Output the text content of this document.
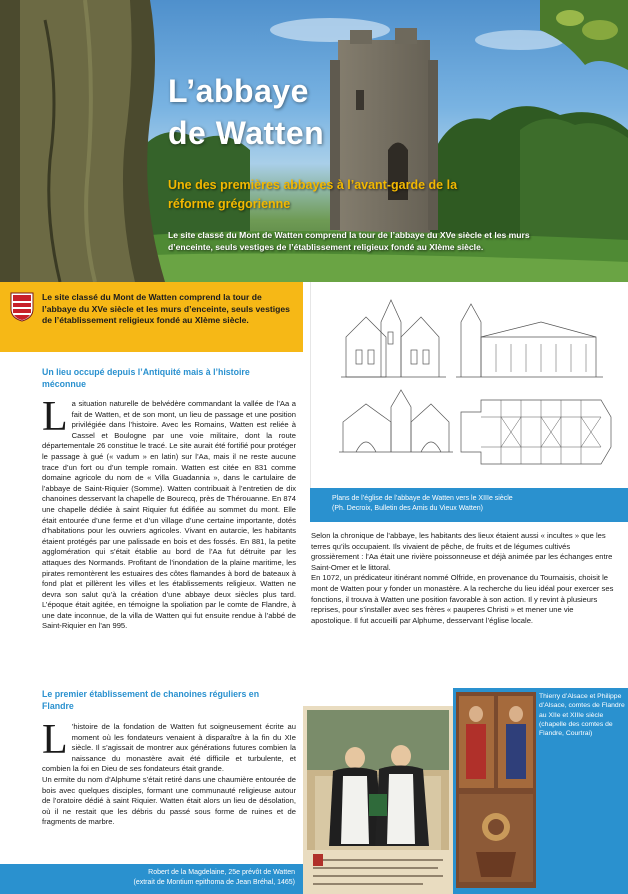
L’abbaye
de Watten
Une des premières abbayes à l’avant-garde de la
réforme grégorienne
Le site classé du Mont de Watten comprend la tour de l’abbaye du XVe siècle et les murs d’enceinte, seuls vestiges de l’établissement religieux fondé au XIème siècle.
Le site classé du Mont de Watten comprend la tour de l’abbaye du XVe siècle et les murs d’enceinte, seuls vestiges de l’établissement religieux fondé au XIème siècle.
Un lieu occupé depuis l’Antiquité mais à l’histoire méconnue
L a situation naturelle de belvédère commandant la vallée de l’Aa a fait de Watten, et de son mont, un lieu de passage et une position privilégiée dans l’histoire. Avec les Romains, Watten est reliée à Cassel et Boulogne par une voie militaire, dont la route départementale 26 constitue le tracé. Le site aurait été fortifié pour protéger le passage à gué (« vadum » en latin) sur l’Aa, mais il ne reste aucune trace d’un fort ou d’un temple romain. Watten est citée en 831 comme domaine agricole du nom de « Villa Guadannia », dans le cartulaire de l’abbaye de Saint-Riquier (Somme). Watten contribuait à l’entretien de dix chanoines desservant la chapelle de Bourecq, près de Thérouanne. En 874 une chapelle dédiée à saint Riquier fut édifiée au sommet du mont. Elle était entourée d’une ferme et d’un village d’une certaine importante, dotés d’habitations pour les ouvriers agricoles. Vivant en autarcie, les habitants étaient protégés par une palissade en bois et des fossés. En 881, la petite agglomération qui s’était établie au bord de l’Aa fut détruite par les attaques des Normands. Profitant de l’inondation de la plaine maritime, les pirates remontèrent les estuaires des côtes flamandes à bord de bateaux à fond plat et pillèrent les villes et les établissements religieux. Watten ne devra son salut qu’à la création d’une abbaye deux siècles plus tard. L’époque était agitée, en témoigne la spoliation par le comte de Flandre, à une date inconnue, de la villa de Watten qui fut ensuite rendue à l’abbé de Saint-Riquier en l’an 995.
Le premier établissement de chanoines réguliers en Flandre
L ’histoire de la fondation de Watten fut soigneusement écrite au moment où les fondateurs venaient à disparaître à la fin du XIe siècle. Il s’agissait de montrer aux générations futures combien la naissance du monastère avait été difficile et turbulente, et combien la foi en Dieu de ses fondateurs était grande.
Un ermite du nom d’Alphume s’était retiré dans une chaumière entourée de bois avec quelques disciples, formant une communauté religieuse autour de l’oratoire dédié à saint Riquier. Watten était alors un lieu de désolation, où il ne restait que les débris du passé sous forme de ruines et de fragments de marbre.
Plans de l’église de l’abbaye de Watten vers le XIIIe siècle
(Ph. Decroix, Bulletin des Amis du Vieux Watten)

Selon la chronique de l’abbaye, les habitants des lieux étaient aussi « incultes » que les terres qu’ils occupaient. Ils vivaient de pêche, de fruits et de légumes cultivés grossièrement : l’Aa était une rivière poissonneuse et déjà animée par les échanges entre Saint-Omer et le littoral.

En 1072, un prédicateur itinérant nommé Olfride, en provenance du Tournaisis, choisit le mont de Watten pour y fonder un monastère. A la recherche du lieu idéal pour exercer ses fonctions, il trouva à Watten une position favorable à son action. Il y revint à plusieurs reprises, pour s’installer avec ses frères « pauperes Christi » et mener une vie apostolique. Il fut accueilli par Alphume, desservant l’église locale.

Thierry d’Alsace et Philippe d’Alsace, comtes de Flandre au XIIe et XIIIe siècle (chapelle des comtes de Flandre, Courtrai)
Robert de la Magdelaine, 25e prévôt de Watten
(extrait de Montium epithoma de Jean Bréhal, 1465)
